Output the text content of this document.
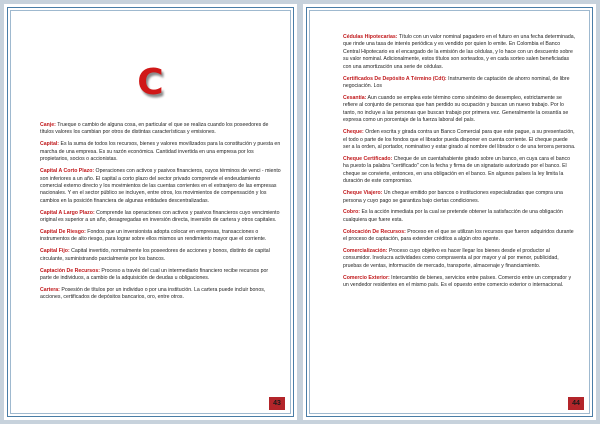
C

Canje: Trueque o cambio de alguna cosa, en particular el que se realiza cuando los poseedores de títulos valores los cambian por otros de distintas características y emisiones.

Capital: Es la suma de todos los recursos, bienes y valores movilizados para la constitución y puesta en marcha de una empresa. Es su razón económica. Cantidad invertida en una empresa por los propietarios, socios o accionistas.

Capital A Corto Plazo: Operaciones con activos y pasivos financieros, cuyos términos de venci - miento son inferiores a un año. El capital a corto plazo del sector privado comprende el endeudamiento comercial externo directo y los movimientos de las cuentas corrientes en el extranjero de las empresas nacionales. Y en el sector público se incluyen, entre otros, los movimientos de compensación y los cambios en la posición financiera de algunas entidades descentralizadas.

Capital A Largo Plazo: Comprende las operaciones con activos y pasivos financieros cuyo vencimiento original es superior a un año, desagregadas en inversión directa, inversión de cartera y otros capitales.

Capital De Riesgo: Fondos que un inversionista adopta colocar en empresas, transacciones o instrumentos de alto riesgo, para lograr sobre ellos mismos un rendimiento mayor que el corriente.

Capital Fijo: Capital invertido, normalmente los poseedores de acciones y bonos, distinto de capital circulante, suministrando parcialmente por los bancos.

Captación De Recursos: Proceso a través del cual un intermediario financiero recibe recursos por parte de individuos, a cambio de la adquisición de deudas u obligaciones.

Cartera: Posesión de títulos por un individuo o por una institución. La cartera puede incluir bonos, acciones, certificados de depósitos bancarios, oro, entre otros.

43

Cédulas Hipotecarias: Título con un valor nominal pagadero en el futuro en una fecha determinada, que rinde una tasa de interés periódica y es vendido por quien lo emite. En Colombia el Banco Central Hipotecario es el encargado de la emisión de las cédulas, y lo hace con un descuento sobre su valor nominal. Adicionalmente, estos títulos son sorteados, y en cada sorteo salen beneficiadas con una amortización una serie de cédulas.

Certificados De Depósito A Término (Cdt): Instrumento de captación de ahorro nominal, de libre negociación. Los

Cesantía: Aun cuando se emplea este término como sinónimo de desempleo, estrictamente se refiere al conjunto de personas que han perdido su ocupación y buscan un nuevo trabajo. Por lo tanto, no incluye a las personas que buscan trabajo por primera vez. Generalmente la cesantía se expresa como un porcentaje de la fuerza laboral del país.

Cheque: Orden escrita y girada contra un Banco Comercial para que este pague, a su presentación, el todo o parte de los fondos que el librador pueda disponer en cuenta corriente. El cheque puede ser a la orden, al portador, nominativo y estar girado al nombre del librador o de una tercera persona.

Cheque Certificado: Cheque de un cuentahabiente girado sobre un banco, en cuya cara el banco ha puesto la palabra "certificado" con la fecha y firma de un signatario autorizado por el banco. El cheque se convierte, entonces, en una obligación en el banco. En algunos países la ley limita la duración de este compromiso.

Cheque Viajero: Un cheque emitido por bancos o instituciones especializadas que compra una persona y cuyo pago se garantiza bajo ciertas condiciones.

Cobro: Es la acción inmediata por la cual se pretende obtener la satisfacción de una obligación cualquiera que fuere esta.

Colocación De Recursos: Proceso en el que se utilizan los recursos que fueron adquiridos durante el proceso de captación, para extender créditos a algún otro agente.

Comercialización: Proceso cuyo objetivo es hacer llegar los bienes desde el productor al consumidor. Involucra actividades como compraventa al por mayor y al por menor, publicidad, pruebas de ventas, información de mercado, transporte, almacenaje y financiamiento.

Comercio Exterior: Intercambio de bienes, servicios entre países. Comercio entre un comprador y un vendedor residentes en el mismo país. Es el opuesto entre comercio exterior o internacional.

44
